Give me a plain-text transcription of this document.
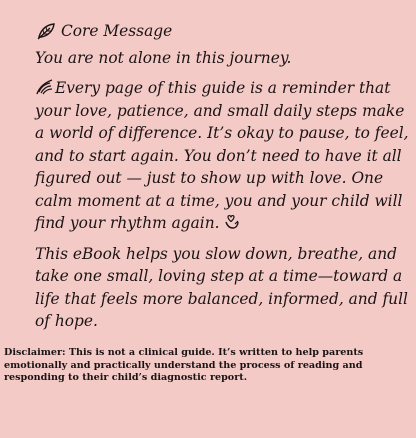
Core Message

You are not alone in this journey.

Every page of this guide is a reminder that your love, patience, and small daily steps make a world of difference. It’s okay to pause, to feel, and to start again. You don’t need to have it all figured out — just to show up with love. One calm moment at a time, you and your child will find your rhythm again.

This eBook helps you slow down, breathe, and take one small, loving step at a time—toward a life that feels more balanced, informed, and full of hope.

Disclaimer: This is not a clinical guide. It’s written to help parents emotionally and practically understand the process of reading and responding to their child’s diagnostic report.
